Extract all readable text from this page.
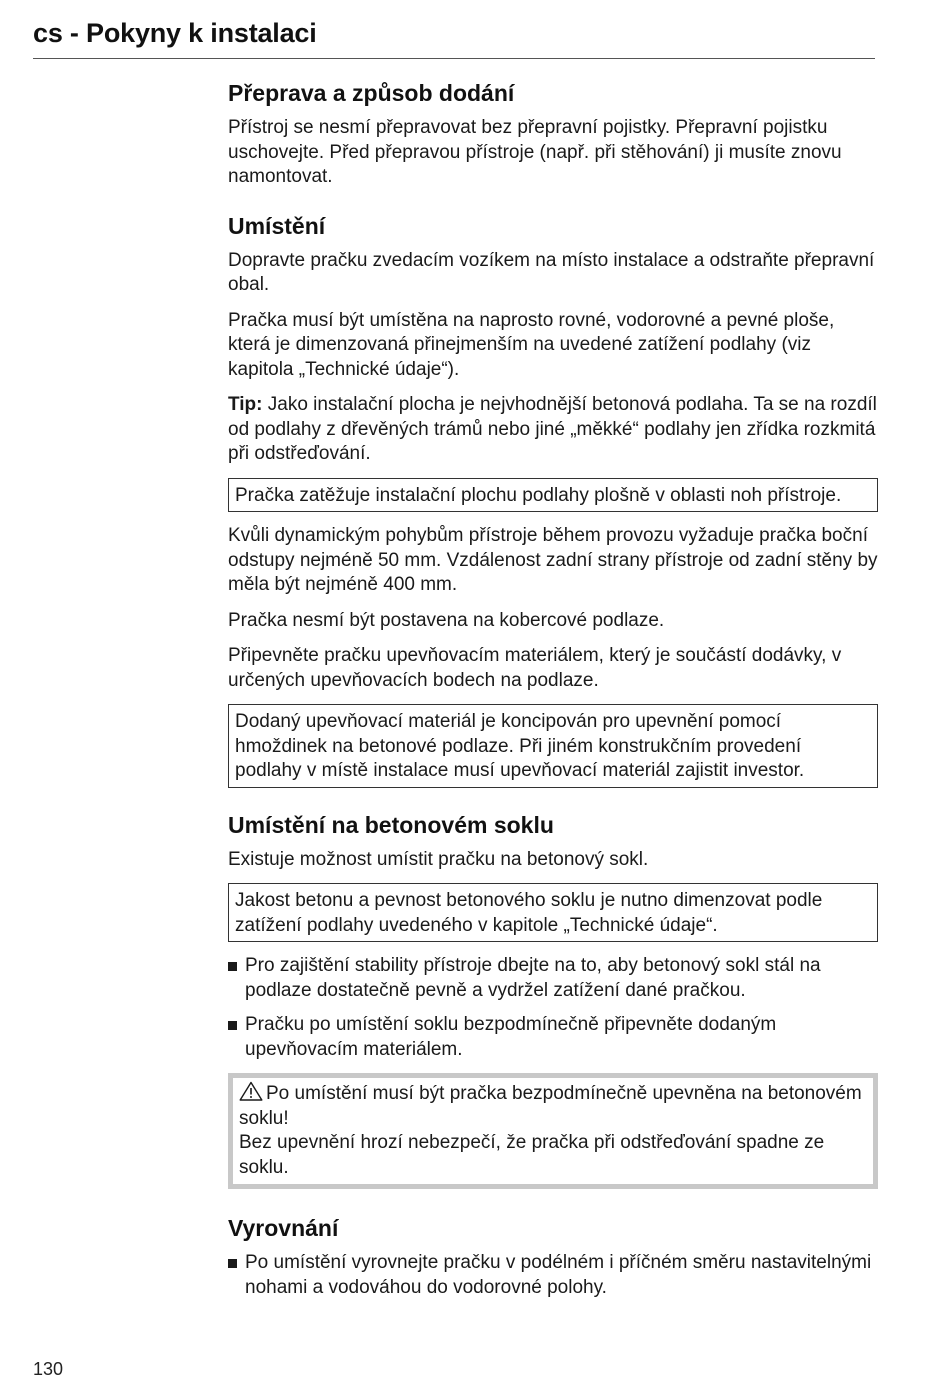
cs - Pokyny k instalaci
Přeprava a způsob dodání

Přístroj se nesmí přepravovat bez přepravní pojistky. Přepravní pojistku uschovejte. Před přepravou přístroje (např. při stěhování) ji musíte znovu namontovat.

Umístění

Dopravte pračku zvedacím vozíkem na místo instalace a odstraňte přepravní obal.

Pračka musí být umístěna na naprosto rovné, vodorovné a pevné ploše, která je dimenzovaná přinejmenším na uvedené zatížení podlahy (viz kapitola „Technické údaje“).

Tip: Jako instalační plocha je nejvhodnější betonová podlaha. Ta se na rozdíl od podlahy z dřevěných trámů nebo jiné „měkké“ podlahy jen zřídka rozkmitá při odstřeďování.

Pračka zatěžuje instalační plochu podlahy plošně v oblasti noh přístroje.

Kvůli dynamickým pohybům přístroje během provozu vyžaduje pračka boční odstupy nejméně 50 mm. Vzdálenost zadní strany přístroje od zadní stěny by měla být nejméně 400 mm.

Pračka nesmí být postavena na kobercové podlaze.

Připevněte pračku upevňovacím materiálem, který je součástí dodávky, v určených upevňovacích bodech na podlaze.

Dodaný upevňovací materiál je koncipován pro upevnění pomocí hmoždinek na betonové podlaze. Při jiném konstrukčním provedení podlahy v místě instalace musí upevňovací materiál zajistit investor.

Umístění na betonovém soklu

Existuje možnost umístit pračku na betonový sokl.

Jakost betonu a pevnost betonového soklu je nutno dimenzovat podle zatížení podlahy uvedeného v kapitole „Technické údaje“.

Pro zajištění stability přístroje dbejte na to, aby betonový sokl stál na podlaze dostatečně pevně a vydržel zatížení dané pračkou.
Pračku po umístění soklu bezpodmínečně připevněte dodaným upevňovacím materiálem.

Po umístění musí být pračka bezpodmínečně upevněna na betonovém soklu!

Bez upevnění hrozí nebezpečí, že pračka při odstřeďování spadne ze soklu.

Vyrovnání
Po umístění vyrovnejte pračku v podélném i příčném směru nastavitelnými nohami a vodováhou do vodorovné polohy.
130
